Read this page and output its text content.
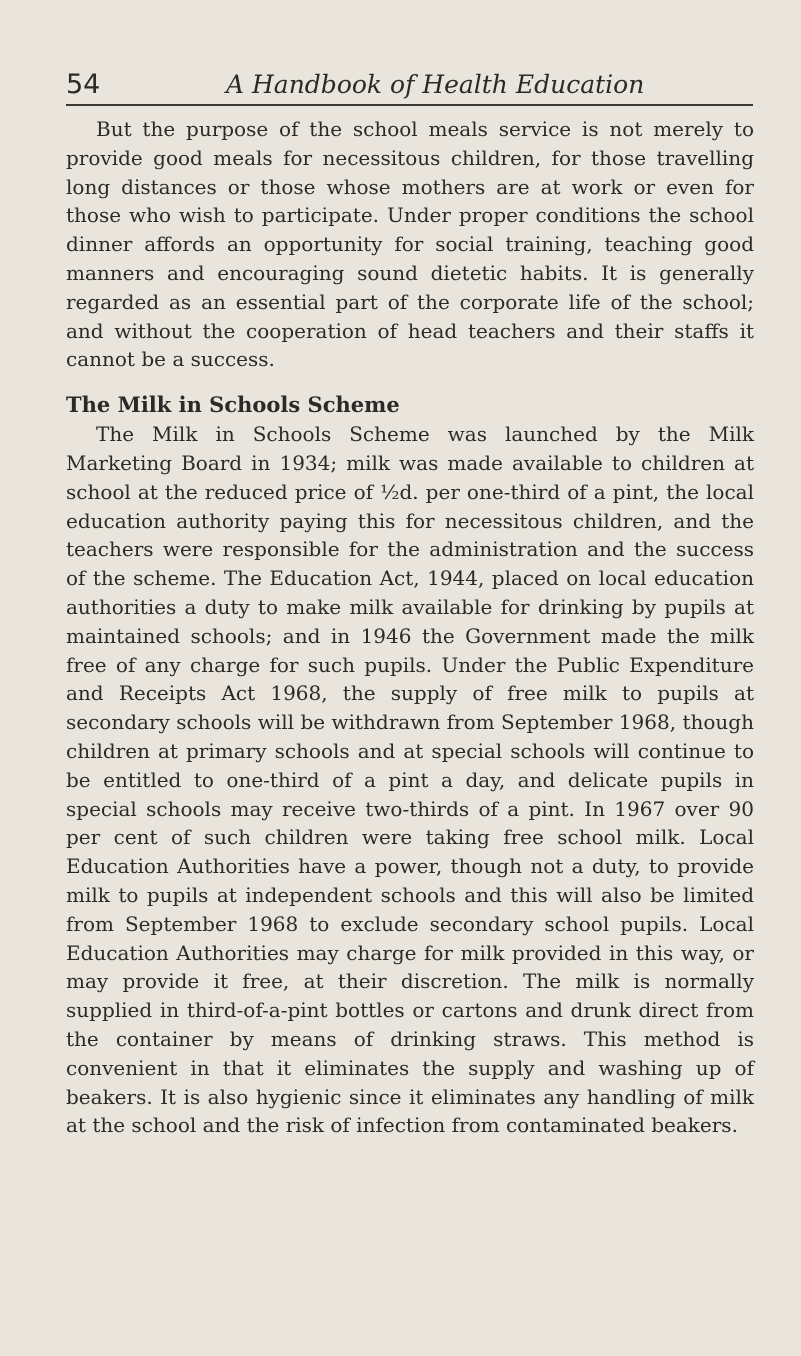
54	A Handbook of Health Education

But the purpose of the school meals service is not merely to provide good meals for necessitous children, for those travelling long distances or those whose mothers are at work or even for those who wish to participate. Under proper conditions the school dinner affords an opportunity for social training, teaching good manners and encouraging sound dietetic habits. It is generally regarded as an essential part of the corporate life of the school; and without the cooperation of head teachers and their staffs it cannot be a success.

The Milk in Schools Scheme

The Milk in Schools Scheme was launched by the Milk Marketing Board in 1934; milk was made available to children at school at the reduced price of ½d. per one-third of a pint, the local education authority paying this for necessitous children, and the teachers were responsible for the administration and the success of the scheme. The Education Act, 1944, placed on local education authorities a duty to make milk available for drinking by pupils at maintained schools; and in 1946 the Government made the milk free of any charge for such pupils. Under the Public Expenditure and Receipts Act 1968, the supply of free milk to pupils at secondary schools will be withdrawn from September 1968, though children at primary schools and at special schools will continue to be entitled to one-third of a pint a day, and delicate pupils in special schools may receive two-thirds of a pint. In 1967 over 90 per cent of such children were taking free school milk. Local Education Authorities have a power, though not a duty, to provide milk to pupils at independent schools and this will also be limited from September 1968 to exclude secondary school pupils. Local Education Authorities may charge for milk provided in this way, or may provide it free, at their discretion. The milk is normally supplied in third-of-a-pint bottles or cartons and drunk direct from the container by means of drinking straws. This method is convenient in that it eliminates the supply and washing up of beakers. It is also hygienic since it eliminates any handling of milk at the school and the risk of infection from contaminated beakers.
